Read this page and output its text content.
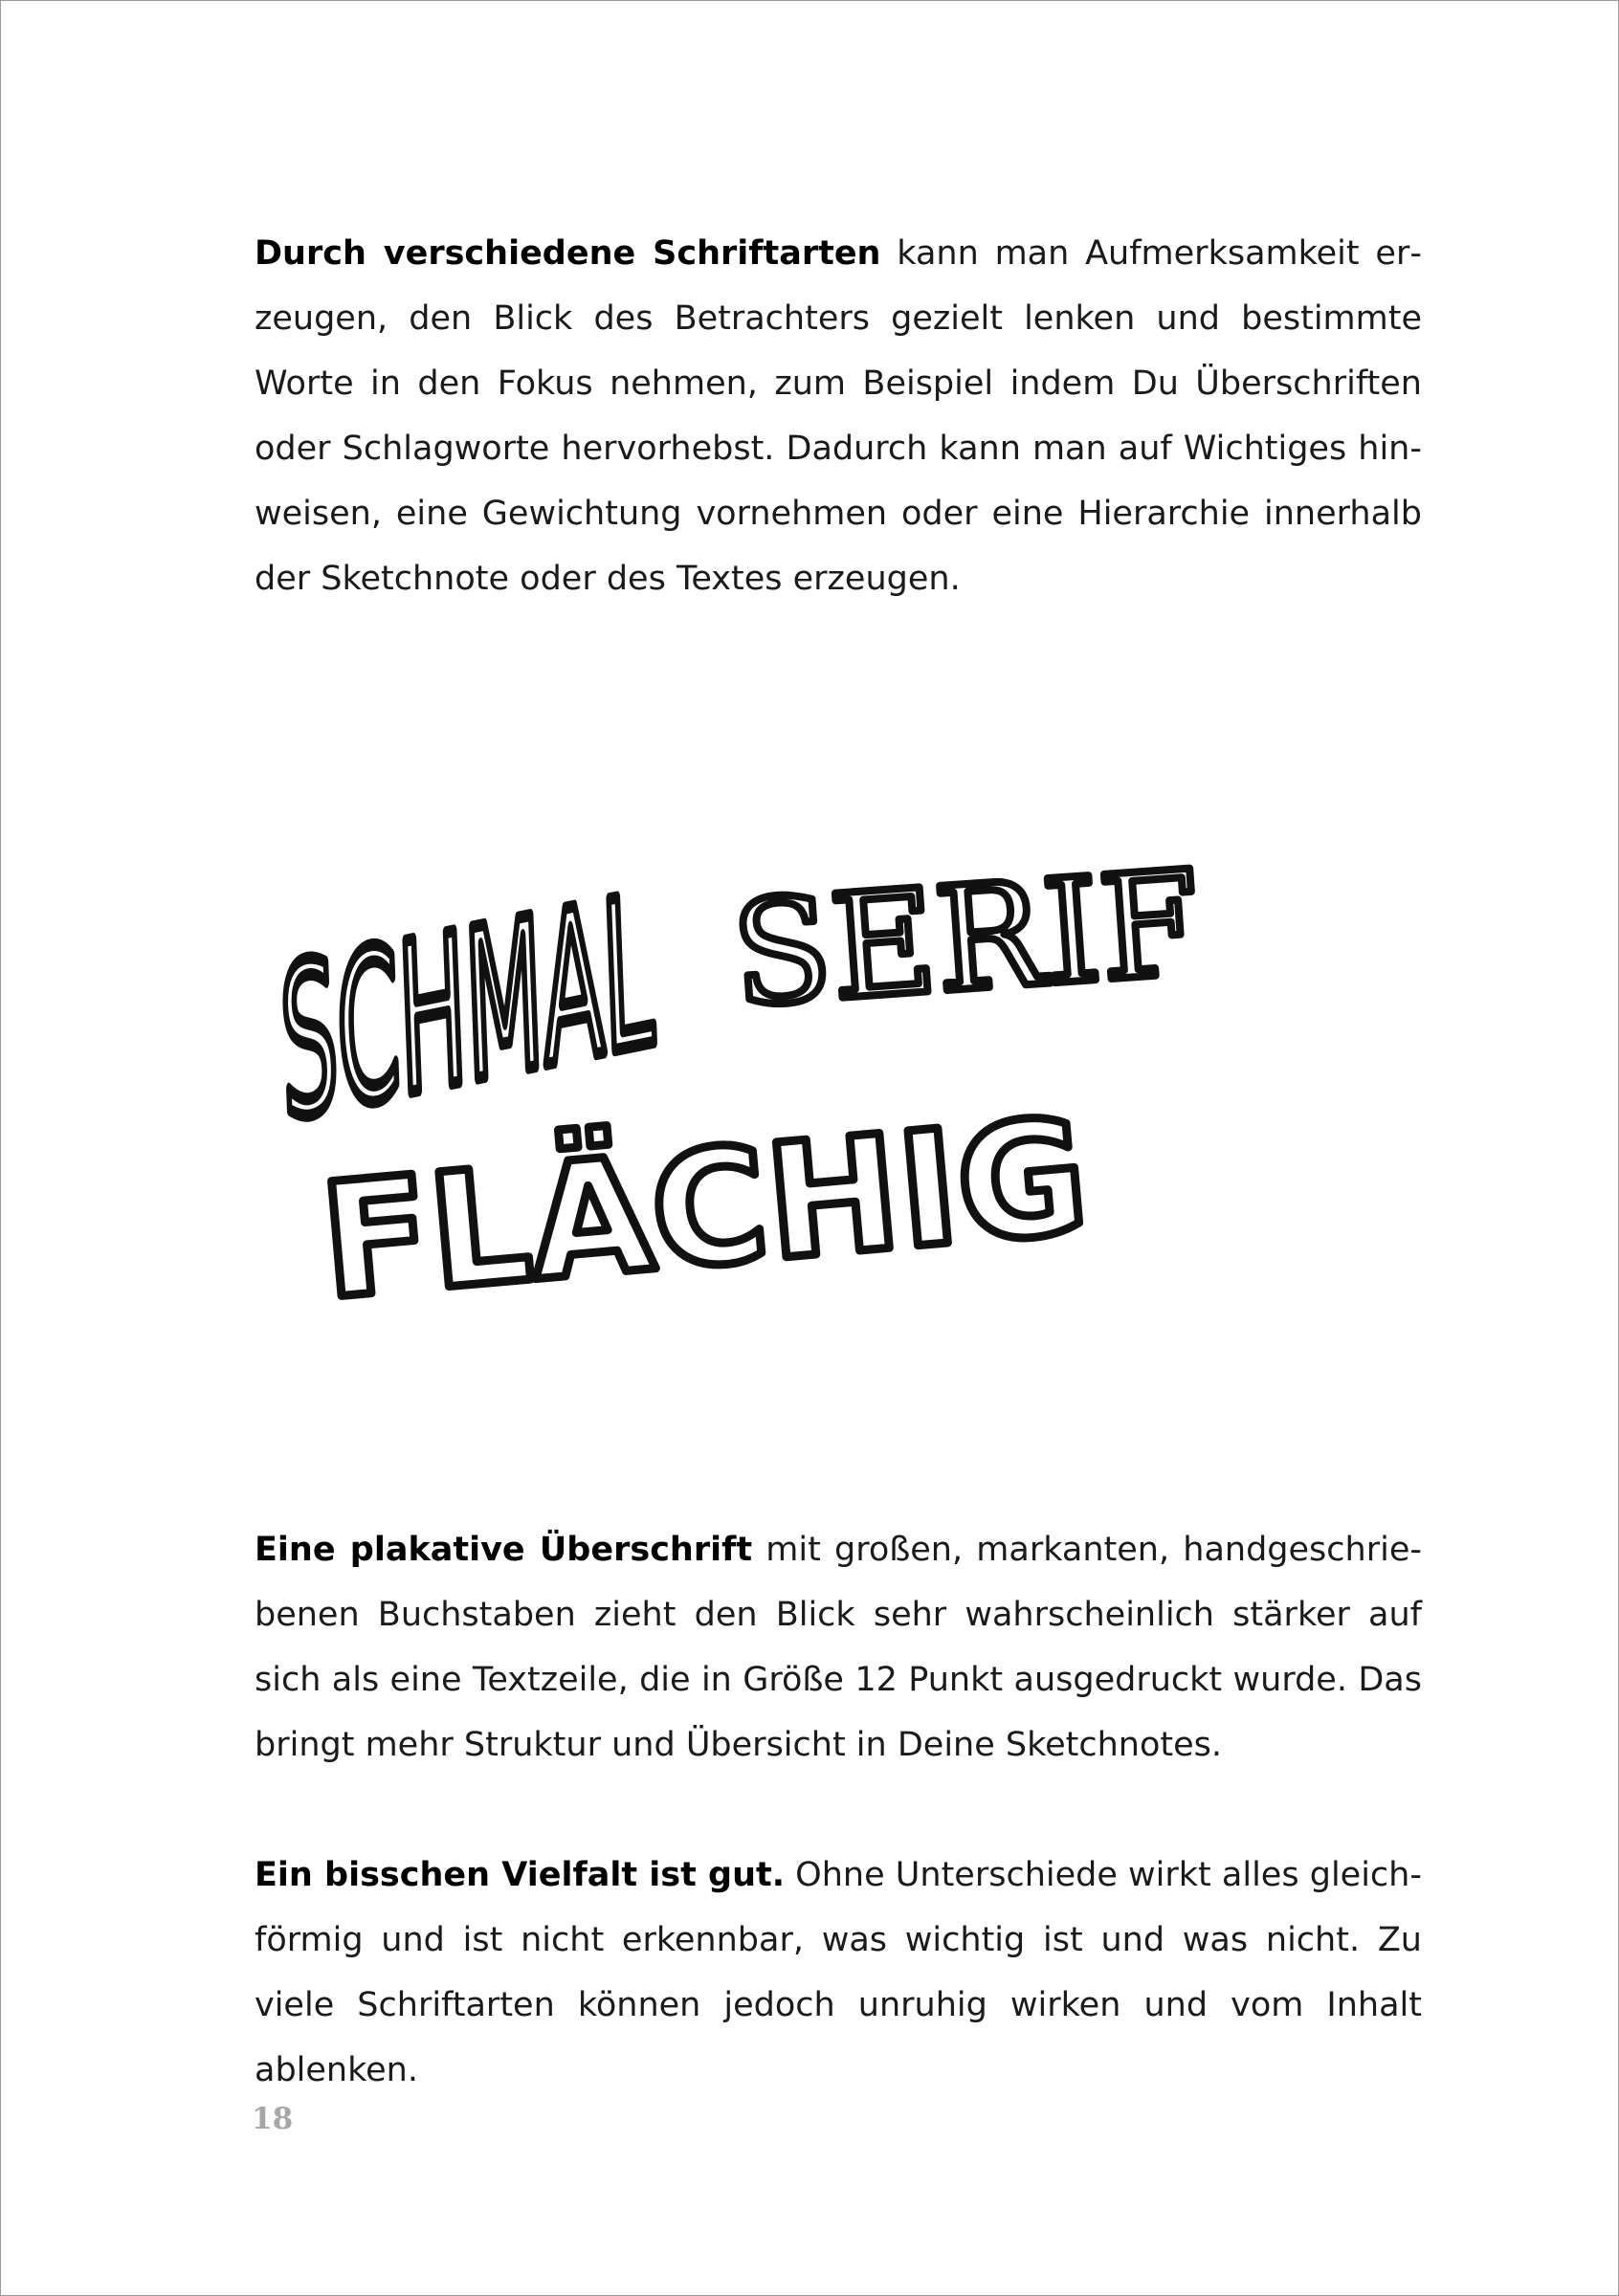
Durch verschiedene Schriftarten kann man Aufmerksamkeit erzeugen, den Blick des Betrachters gezielt lenken und bestimmte Worte in den Fokus nehmen, zum Beispiel indem Du Überschriften oder Schlagworte hervorhebst. Dadurch kann man auf Wichtiges hinweisen, eine Gewichtung vornehmen oder eine Hierarchie innerhalb der Sketchnote oder des Textes erzeugen.

SCHMAL SERIF
FLÄCHIG

Eine plakative Überschrift mit großen, markanten, handgeschriebenen Buchstaben zieht den Blick sehr wahrscheinlich stärker auf sich als eine Textzeile, die in Größe 12 Punkt ausgedruckt wurde. Das bringt mehr Struktur und Übersicht in Deine Sketchnotes.

Ein bisschen Vielfalt ist gut. Ohne Unterschiede wirkt alles gleichförmig und ist nicht erkennbar, was wichtig ist und was nicht. Zu viele Schriftarten können jedoch unruhig wirken und vom Inhalt ablenken.

18
